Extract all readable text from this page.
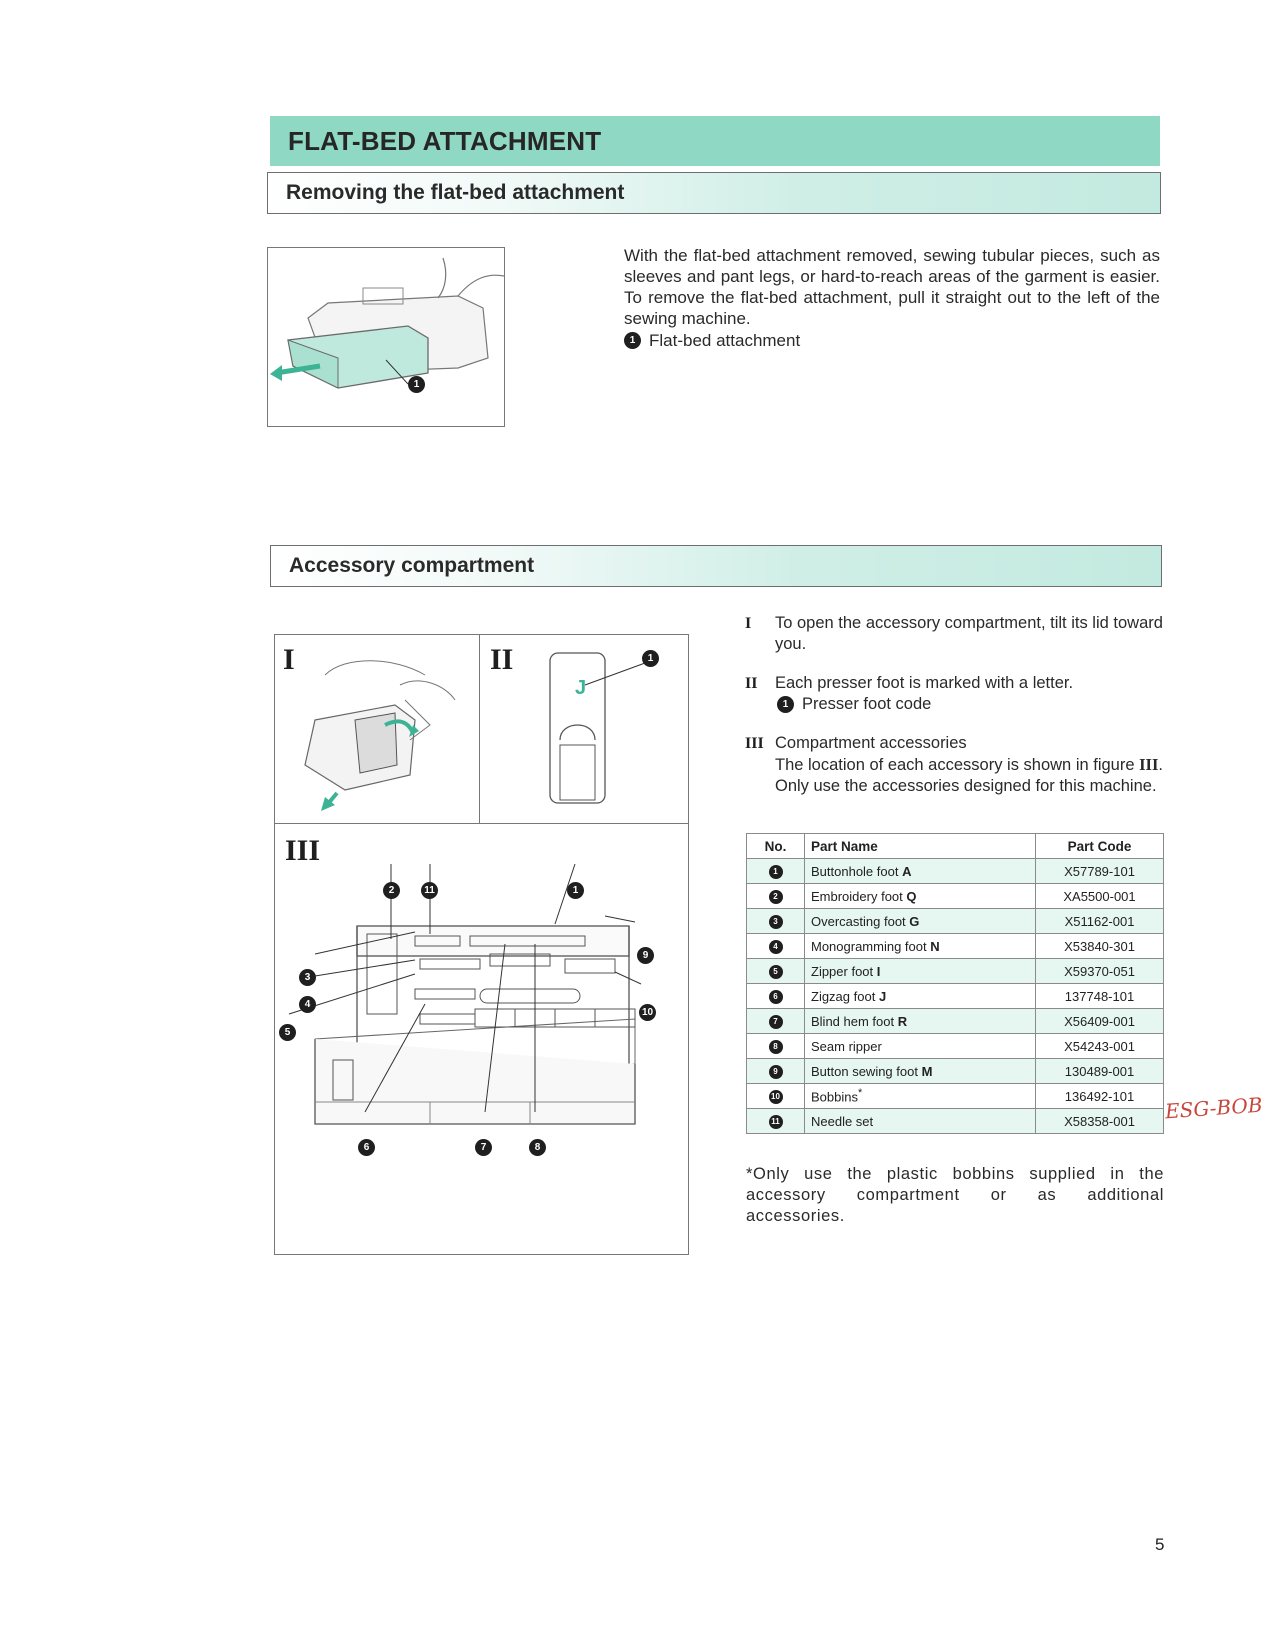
FLAT-BED ATTACHMENT
Removing the flat-bed attachment
1
With the flat-bed attachment removed, sewing tubular pieces, such as sleeves and pant legs, or hard-to-reach areas of the garment is easier. To remove the flat-bed attachment, pull it straight out to the left of the sewing machine.
1 Flat-bed attachment
Accessory compartment
I	II
J
1
III
2	11	1
9
3
4
5
10
6	7	8
I	To open the accessory compartment, tilt its lid toward you.
II	Each presser foot is marked with a letter.
1 Presser foot code
III Compartment accessories
The location of each accessory is shown in figure III. Only use the accessories designed for this machine.
No.	Part Name	Part Code
1	Buttonhole foot A	X57789-101
2	Embroidery foot Q	XA5500-001
3	Overcasting foot G	X51162-001
4	Monogramming foot N	X53840-301
5	Zipper foot I	X59370-051
6	Zigzag foot J	137748-101
7	Blind hem foot R	X56409-001
8	Seam ripper	X54243-001
9	Button sewing foot M	130489-001
10	Bobbins*	136492-101
11	Needle set	X58358-001 ESG-BOB
*Only use the plastic bobbins supplied in the accessory compartment or as additional accessories.
5
